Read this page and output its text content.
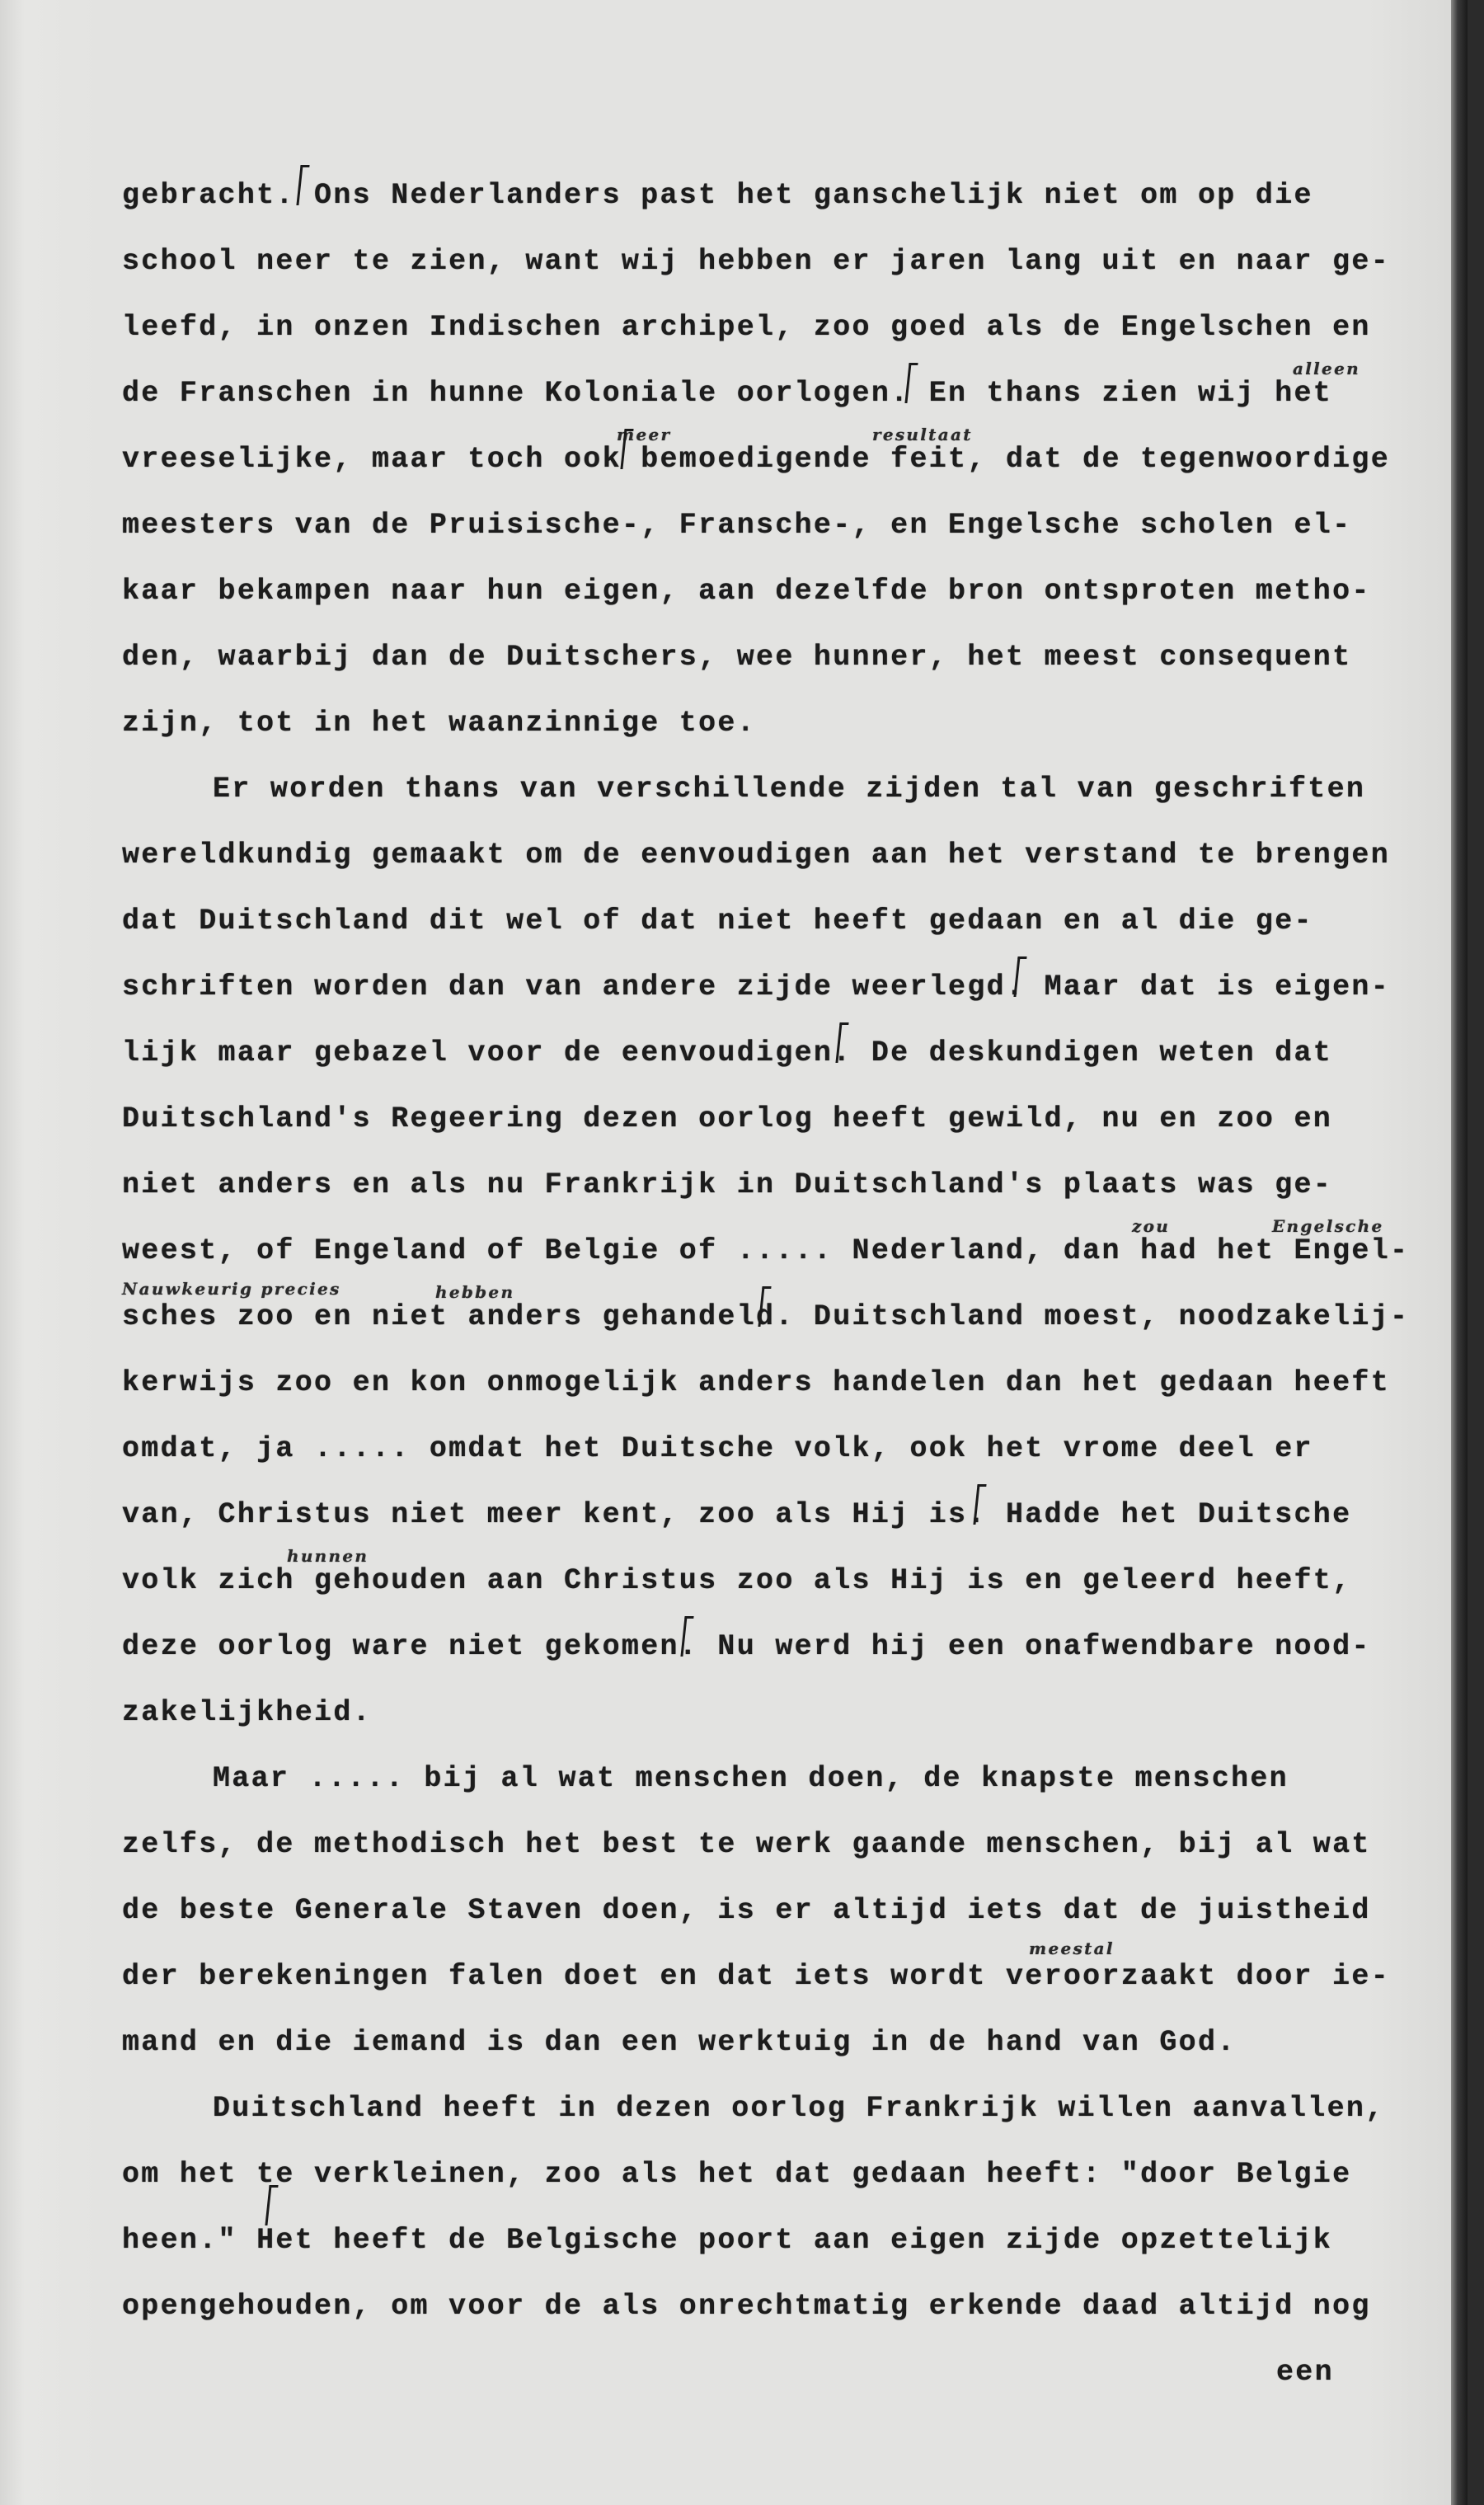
gebracht. Ons Nederlanders past het ganschelijk niet om op die
school neer te zien, want wij hebben er jaren lang uit en naar ge-
leefd, in onzen Indischen archipel, zoo goed als de Engelschen en
de Franschen in hunne Koloniale oorlogen. En thans zien wij het

alleen

vreeselijke, maar toch ook bemoedigende feit, dat de tegenwoordige

meer

	resultaat

meesters van de Pruisische-, Fransche-, en Engelsche scholen el-
kaar bekampen naar hun eigen, aan dezelfde bron ontsproten metho-
den, waarbij dan de Duitschers, wee hunner, het meest consequent
zijn, tot in het waanzinnige toe.
Er worden thans van verschillende zijden tal van geschriften
wereldkundig gemaakt om de eenvoudigen aan het verstand te brengen
dat Duitschland dit wel of dat niet heeft gedaan en al die ge-
schriften worden dan van andere zijde weerlegd. Maar dat is eigen-
lijk maar gebazel voor de eenvoudigen. De deskundigen weten dat
Duitschland's Regeering dezen oorlog heeft gewild, nu en zoo en
niet anders en als nu Frankrijk in Duitschland's plaats was ge-
weest, of Engeland of Belgie of ..... Nederland, dan had het Engel-

zou

	Engelsche

sches zoo en niet anders gehandeld. Duitschland moest, noodzakelij-

Nauwkeurig precies

	hebben

kerwijs zoo en kon onmogelijk anders handelen dan het gedaan heeft
omdat, ja ..... omdat het Duitsche volk, ook het vrome deel er
van, Christus niet meer kent, zoo als Hij is. Hadde het Duitsche
volk zich gehouden aan Christus zoo als Hij is en geleerd heeft,

hunnen

deze oorlog ware niet gekomen. Nu werd hij een onafwendbare nood-
zakelijkheid.
Maar ..... bij al wat menschen doen, de knapste menschen
zelfs, de methodisch het best te werk gaande menschen, bij al wat
de beste Generale Staven doen, is er altijd iets dat de juistheid
der berekeningen falen doet en dat iets wordt veroorzaakt door ie-

meestal

mand en die iemand is dan een werktuig in de hand van God.
Duitschland heeft in dezen oorlog Frankrijk willen aanvallen,
om het te verkleinen, zoo als het dat gedaan heeft: "door Belgie
heen." Het heeft de Belgische poort aan eigen zijde opzettelijk
opengehouden, om voor de als onrechtmatig erkende daad altijd nog
een
